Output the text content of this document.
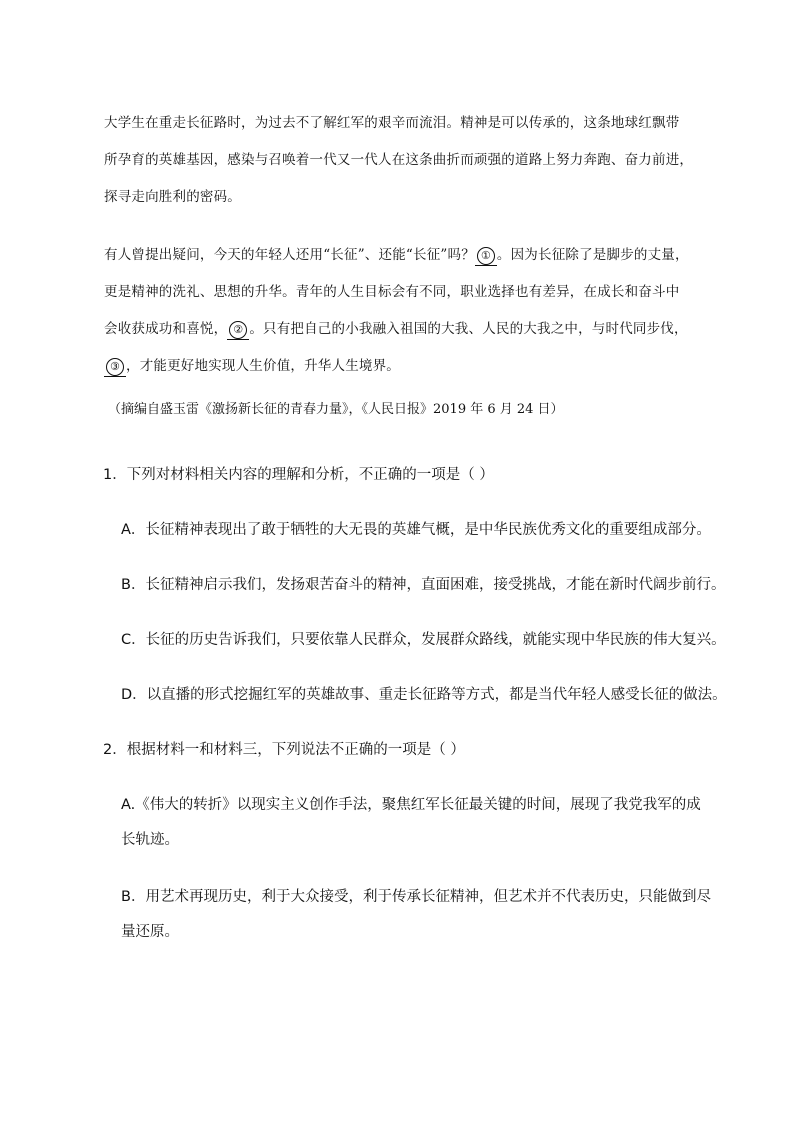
大学生在重走长征路时，为过去不了解红军的艰辛而流泪。精神是可以传承的，这条地球红飘带
所孕育的英雄基因，感染与召唤着一代又一代人在这条曲折而顽强的道路上努力奔跑、奋力前进，
探寻走向胜利的密码。

有人曾提出疑问，今天的年轻人还用“长征”、还能“长征”吗？ ① 。因为长征除了是脚步的丈量，
更是精神的洗礼、思想的升华。青年的人生目标会有不同，职业选择也有差异，在成长和奋斗中
会收获成功和喜悦， ② 。只有把自己的小我融入祖国的大我、人民的大我之中，与时代同步伐，
③ ，才能更好地实现人生价值，升华人生境界。

（摘编自盛玉雷《激扬新长征的青春力量》，《人民日报》2019 年 6 月 24 日）

1．下列对材料相关内容的理解和分析，不正确的一项是（ ）

A．长征精神表现出了敢于牺牲的大无畏的英雄气概，是中华民族优秀文化的重要组成部分。

B．长征精神启示我们，发扬艰苦奋斗的精神，直面困难，接受挑战，才能在新时代阔步前行。

C．长征的历史告诉我们，只要依靠人民群众，发展群众路线，就能实现中华民族的伟大复兴。

D．以直播的形式挖掘红军的英雄故事、重走长征路等方式，都是当代年轻人感受长征的做法。

2．根据材料一和材料三，下列说法不正确的一项是（ ）

A.《伟大的转折》以现实主义创作手法，聚焦红军长征最关键的时间，展现了我党我军的成

长轨迹。

B．用艺术再现历史，利于大众接受，利于传承长征精神，但艺术并不代表历史，只能做到尽

量还原。
